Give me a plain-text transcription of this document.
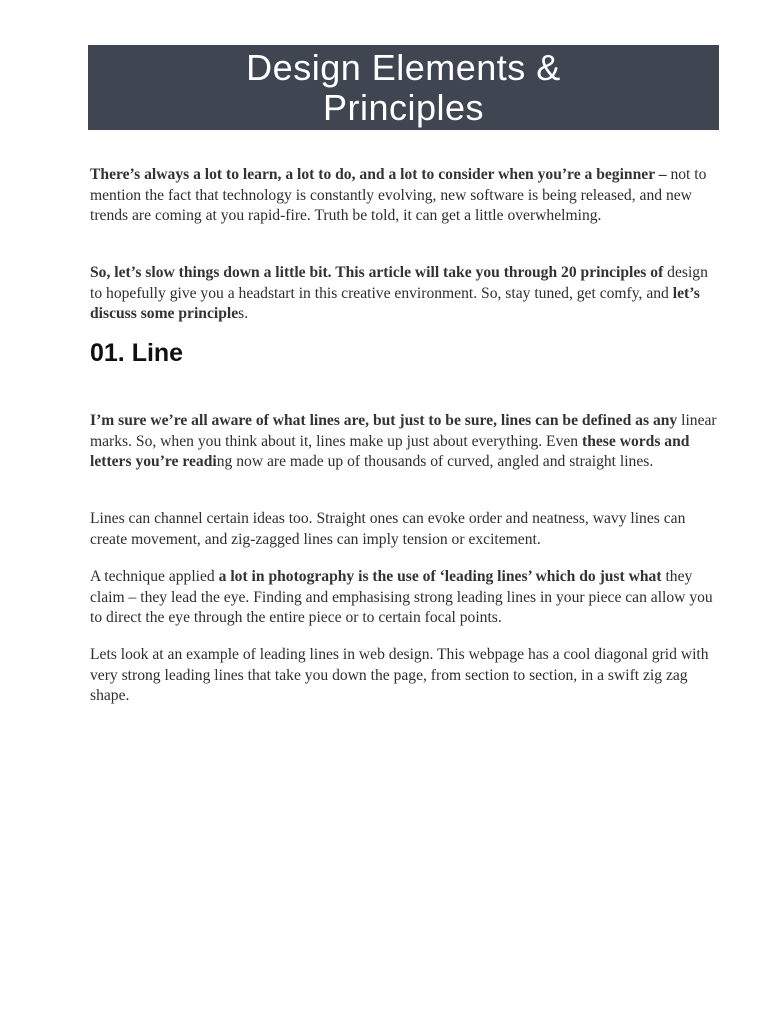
Design Elements &
Principles
There’s always a lot to learn, a lot to do, and a lot to consider when you’re a beginner – not to mention the fact that technology is constantly evolving, new software is being released, and new trends are coming at you rapid-fire. Truth be told, it can get a little overwhelming.
So, let’s slow things down a little bit. This article will take you through 20 principles of design to hopefully give you a headstart in this creative environment. So, stay tuned, get comfy, and let’s discuss some principles.
01. Line
I’m sure we’re all aware of what lines are, but just to be sure, lines can be defined as any linear marks. So, when you think about it, lines make up just about everything. Even these words and letters you’re reading now are made up of thousands of curved, angled and straight lines.
Lines can channel certain ideas too. Straight ones can evoke order and neatness, wavy lines can create movement, and zig-zagged lines can imply tension or excitement.
A technique applied a lot in photography is the use of ‘leading lines’ which do just what they claim – they lead the eye. Finding and emphasising strong leading lines in your piece can allow you to direct the eye through the entire piece or to certain focal points.
Lets look at an example of leading lines in web design. This webpage has a cool diagonal grid with very strong leading lines that take you down the page, from section to section, in a swift zig zag shape.
